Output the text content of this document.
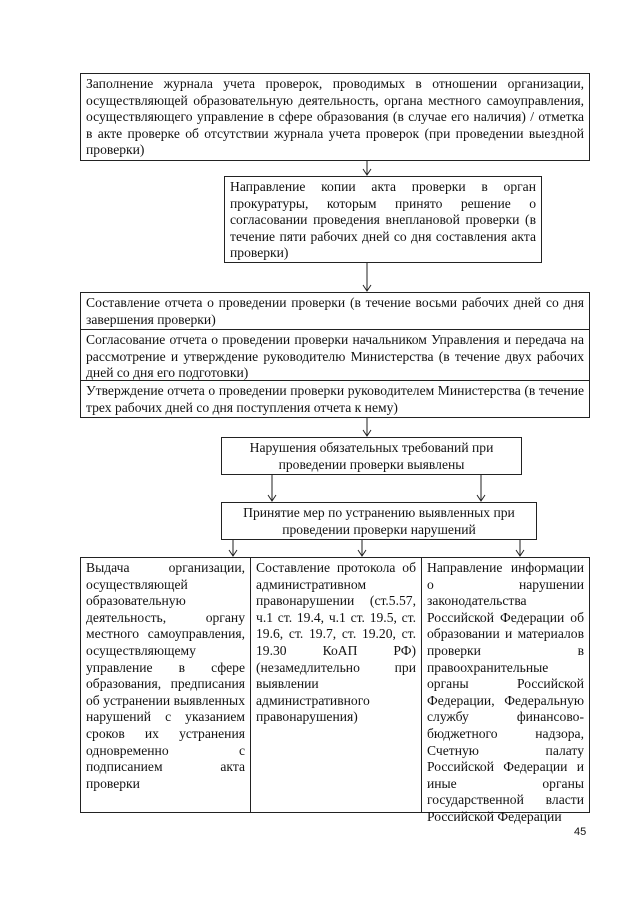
Заполнение журнала учета проверок, проводимых в отношении организации, осуществляющей образовательную деятельность, органа местного самоуправления, осуществляющего управление в сфере образования (в случае его наличия) / отметка в акте проверке об отсутствии журнала учета проверок (при проведении выездной проверки)
Направление копии акта проверки в орган прокуратуры, которым принято решение о согласовании проведения внеплановой проверки (в течение пяти рабочих дней со дня составления акта проверки)
Составление отчета о проведении проверки (в течение восьми рабочих дней со дня завершения проверки)
Согласование отчета о проведении проверки начальником Управления и передача на рассмотрение и утверждение руководителю Министерства (в течение двух рабочих дней со дня его подготовки)
Утверждение отчета о проведении проверки руководителем Министерства (в течение трех рабочих дней со дня поступления отчета к нему)
Нарушения обязательных требований при проведении проверки выявлены
Принятие мер по устранению выявленных при проведении проверки нарушений
Выдача организации, осуществляющей образовательную деятельность, органу местного самоуправления, осуществляющему управление в сфере образования, предписания об устранении выявленных нарушений с указанием сроков их устранения одновременно с подписанием акта проверки
Составление протокола об административном правонарушении (ст.5.57, ч.1 ст. 19.4, ч.1 ст. 19.5, ст. 19.6, ст. 19.7, ст. 19.20, ст. 19.30 КоАП РФ) (незамедлительно при выявлении административного правонарушения)
Направление информации о нарушении законодательства Российской Федерации об образовании и материалов проверки в правоохранительные органы Российской Федерации, Федеральную службу финансово-бюджетного надзора, Счетную палату Российской Федерации и иные органы государственной власти Российской Федерации
45
